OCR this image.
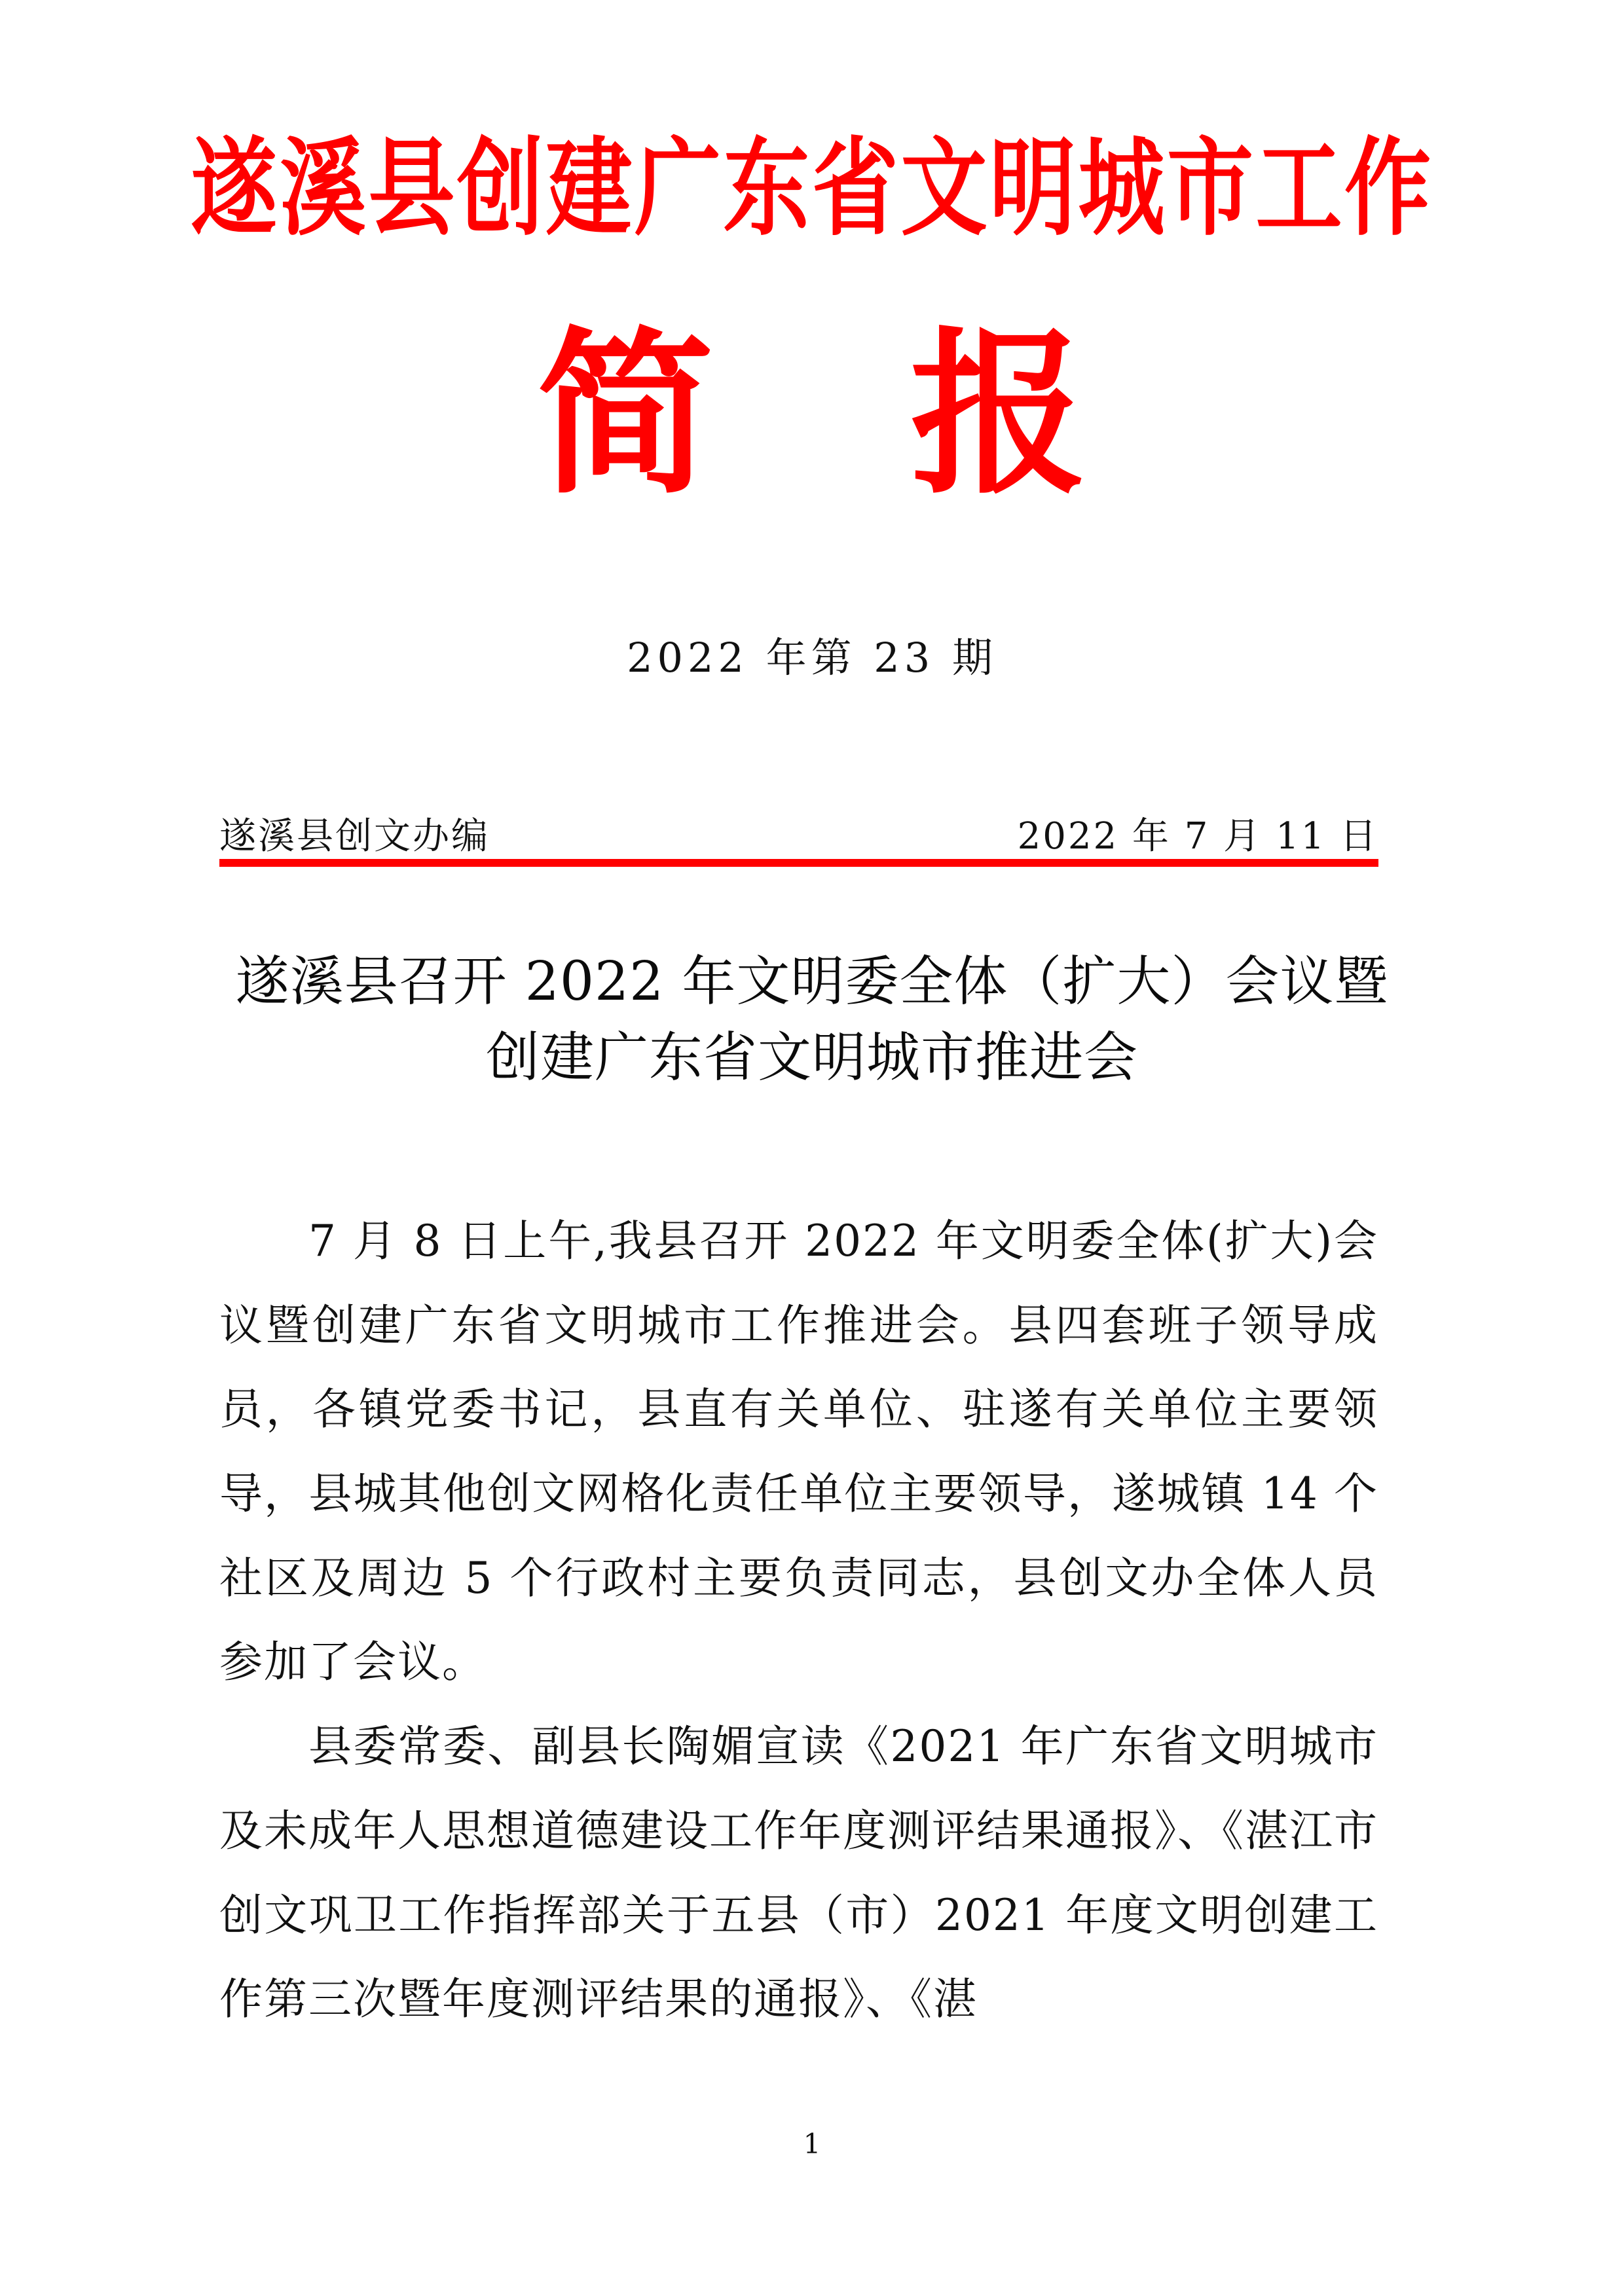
遂溪县创建广东省文明城市工作
简 报
2022 年第 23 期
遂溪县创文办编	2022 年 7 月 11 日
遂溪县召开 2022 年文明委全体（扩大）会议暨
创建广东省文明城市推进会

7 月 8 日上午,我县召开 2022 年文明委全体(扩大)会议暨创建广东省文明城市工作推进会。县四套班子领导成员，各镇党委书记，县直有关单位、驻遂有关单位主要领导，县城其他创文网格化责任单位主要领导，遂城镇 14 个社区及周边 5 个行政村主要负责同志，县创文办全体人员参加了会议。

县委常委、副县长陶媚宣读《2021 年广东省文明城市及未成年人思想道德建设工作年度测评结果通报》、《湛江市创文巩卫工作指挥部关于五县（市）2021 年度文明创建工作第三次暨年度测评结果的通报》、《湛

1
